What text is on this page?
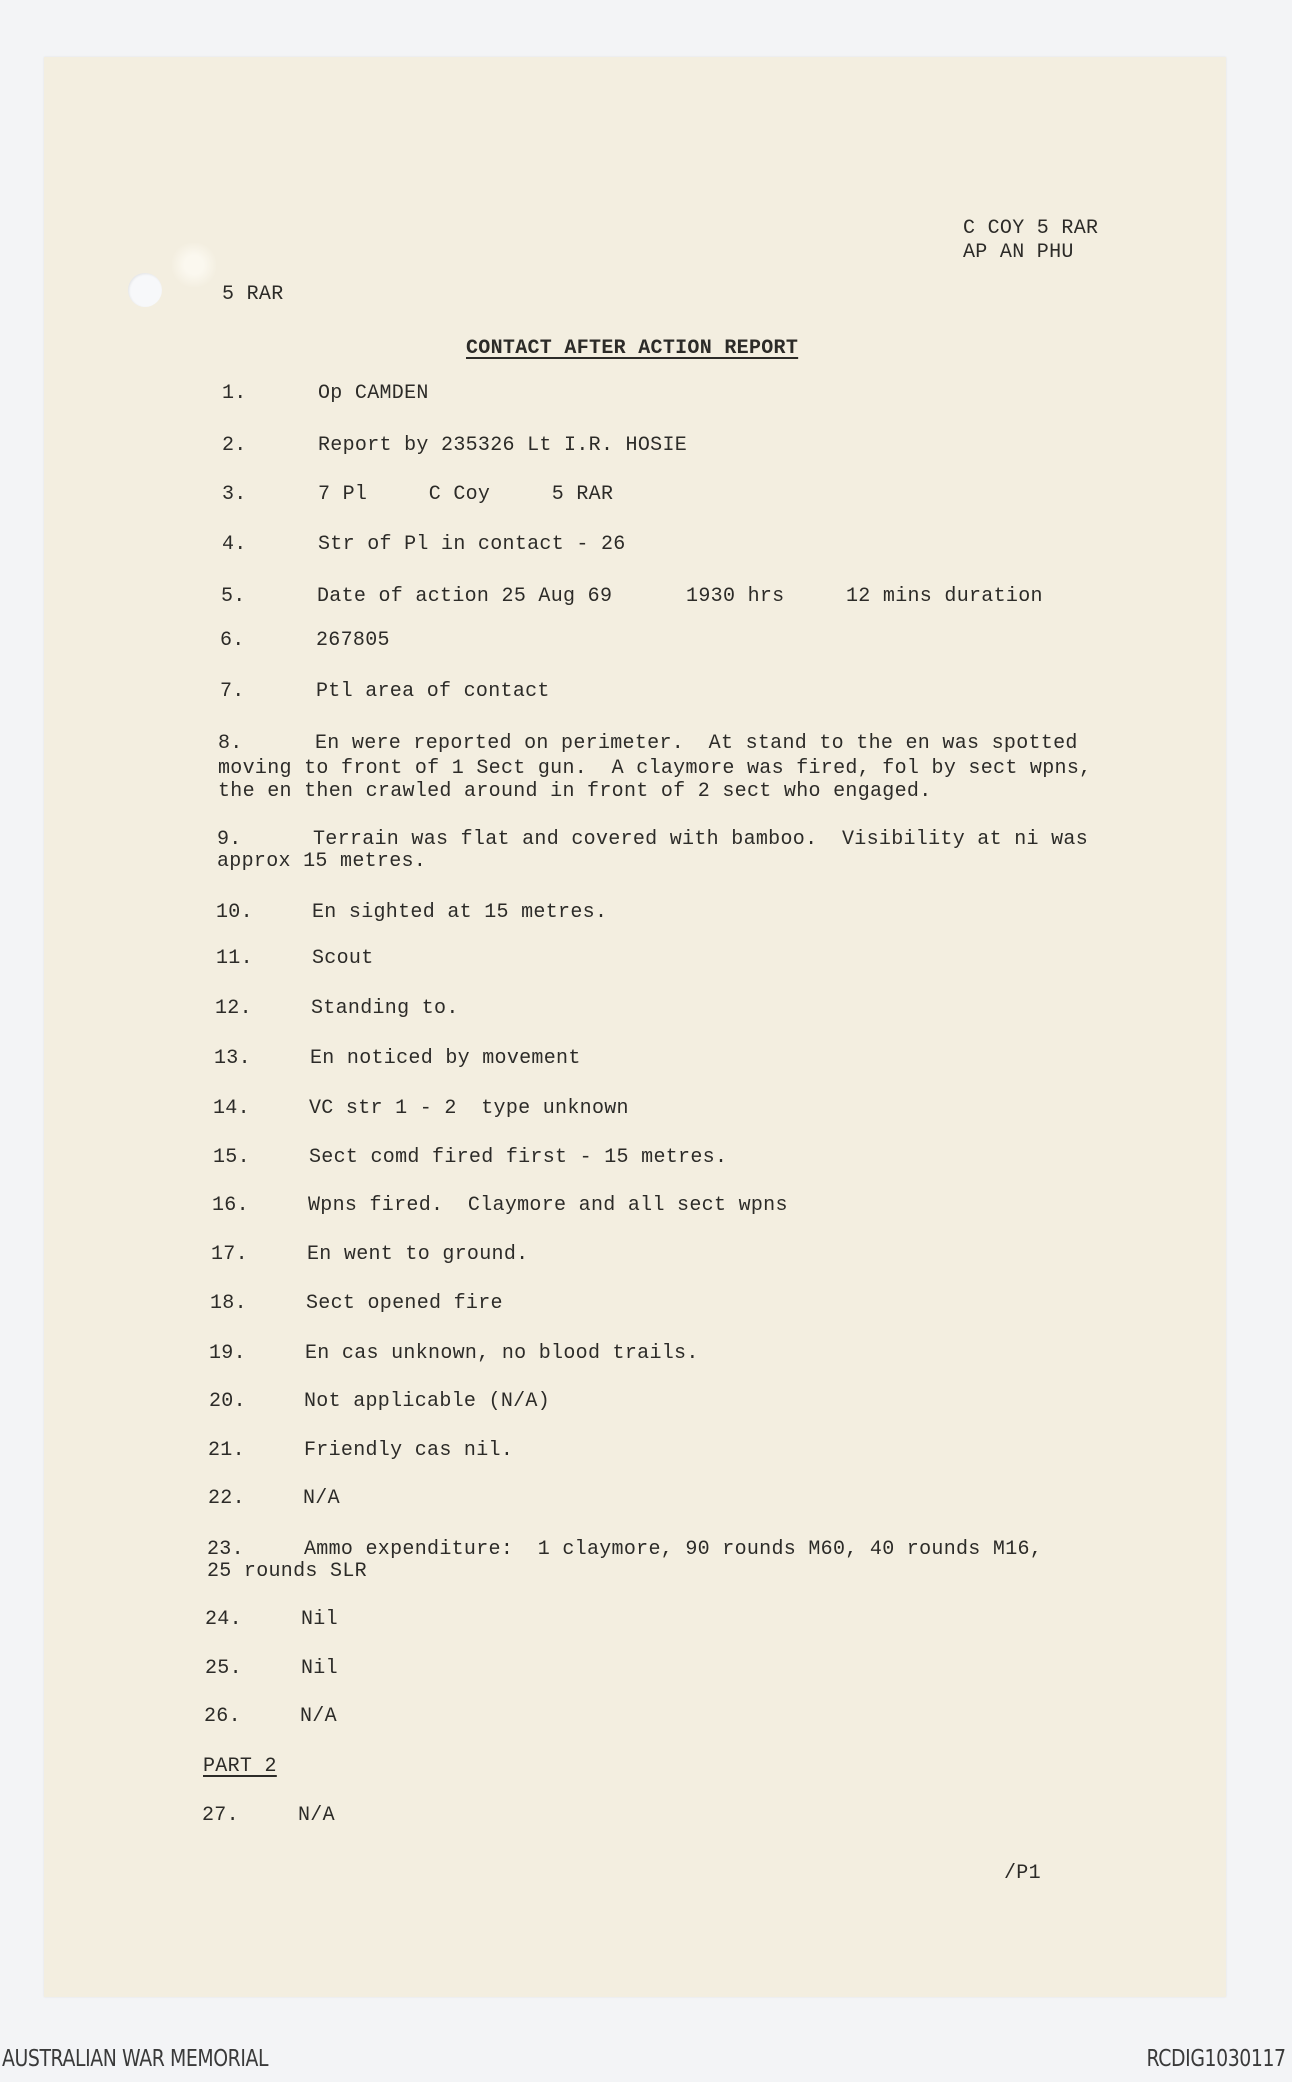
C COY 5 RAR
AP AN PHU
5 RAR
CONTACT AFTER ACTION REPORT
1.	Op CAMDEN
2.	Report by 235326 Lt I.R. HOSIE
3.	7 Pl     C Coy     5 RAR
4.	Str of Pl in contact - 26
5.	Date of action 25 Aug 69      1930 hrs     12 mins duration
6.	267805
7.	Ptl area of contact
8.	En were reported on perimeter.  At stand to the en was spotted
moving to front of 1 Sect gun.  A claymore was fired, fol by sect wpns,
the en then crawled around in front of 2 sect who engaged.
9.	Terrain was flat and covered with bamboo.  Visibility at ni was
approx 15 metres.
10.	En sighted at 15 metres.
11.	Scout
12.	Standing to.
13.	En noticed by movement
14.	VC str 1 - 2  type unknown
15.	Sect comd fired first - 15 metres.
16.	Wpns fired.  Claymore and all sect wpns
17.	En went to ground.
18.	Sect opened fire
19.	En cas unknown, no blood trails.
20.	Not applicable (N/A)
21.	Friendly cas nil.
22.	N/A
23.	Ammo expenditure:  1 claymore, 90 rounds M60, 40 rounds M16,
25 rounds SLR
24.	Nil
25.	Nil
26.	N/A
PART 2
27.	N/A
/P1
AUSTRALIAN WAR MEMORIAL	RCDIG1030117
